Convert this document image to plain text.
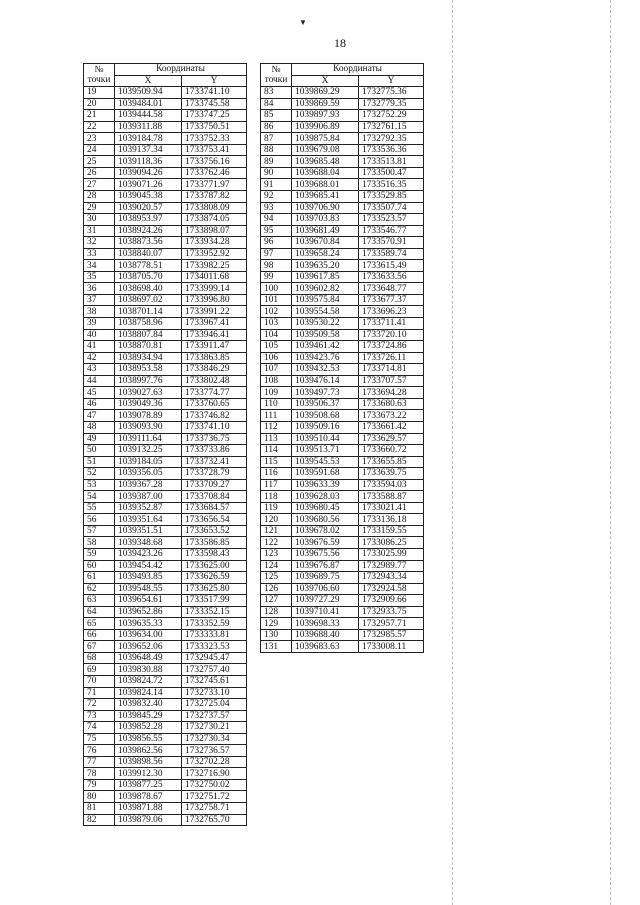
▼
18
№
точки	Координаты	
	X	Y
19	1039509.94	1733741.10
20	1039484.01	1733745.58
21	1039444.58	1733747.25
22	1039311.88	1733750.51
23	1039184.78	1733752.33
24	1039137.34	1733753.41
25	1039118.36	1733756.16
26	1039094.26	1733762.46
27	1039071.26	1733771.97
28	1039045.38	1733787.82
29	1039020.57	1733808.09
30	1038953.97	1733874.05
31	1038924.26	1733898.07
32	1038873.56	1733934.28
33	1038840.07	1733952.92
34	1038778.51	1733982.25
35	1038705.70	1734011.68
36	1038698.40	1733999.14
37	1038697.02	1733996.80
38	1038701.14	1733991.22
39	1038758.96	1733967.41
40	1038807.84	1733946.41
41	1038870.81	1733911.47
42	1038934.94	1733863.85
43	1038953.58	1733846.29
44	1038997.76	1733802.48
45	1039027.63	1733774.77
46	1039049.36	1733760.65
47	1039078.89	1733746.82
48	1039093.90	1733741.10
49	1039111.64	1733736.75
50	1039132.25	1733733.86
51	1039184.05	1733732.41
52	1039356.05	1733728.79
53	1039367.28	1733709.27
54	1039387.00	1733708.84
55	1039352.87	1733684.57
56	1039351.64	1733656.54
57	1039351.51	1733653.52
58	1039348.68	1733586.85
59	1039423.26	1733598.43
60	1039454.42	1733625.00
61	1039493.85	1733626.59
62	1039548.55	1733625.80
63	1039654.61	1733517.99
64	1039652.86	1733352.15
65	1039635.33	1733352.59
66	1039634.00	1733333.81
67	1039652.06	1733323.53
68	1039648.49	1732945.47
69	1039830.88	1732757.40
70	1039824.72	1732745.61
71	1039824.14	1732733.10
72	1039832.40	1732725.04
73	1039845.29	1732737.57
74	1039852.28	1732730.21
75	1039856.55	1732730.34
76	1039862.56	1732736.57
77	1039898.56	1732702.28
78	1039912.30	1732716.90
79	1039877.25	1732750.02
80	1039878.67	1732751.72
81	1039871.88	1732758.71
82	1039879.06	1732765.70
№
точки	Координаты	
	X	Y
83	1039869.29	1732775.36
84	1039869.59	1732779.35
85	1039897.93	1732752.29
86	1039906.89	1732761.15
87	1039875.84	1732792.35
88	1039679.08	1733536.36
89	1039685.48	1733513.81
90	1039688.04	1733500.47
91	1039688.01	1733516.35
92	1039685.41	1733529.85
93	1039706.90	1733507.74
94	1039703.83	1733523.57
95	1039681.49	1733546.77
96	1039670.84	1733570.91
97	1039658.24	1733589.74
98	1039635.20	1733615.49
99	1039617.85	1733633.56
100	1039602.82	1733648.77
101	1039575.84	1733677.37
102	1039554.58	1733696.23
103	1039530.22	1733711.41
104	1039509.58	1733720.10
105	1039461.42	1733724.86
106	1039423.76	1733726.11
107	1039432.53	1733714.81
108	1039476.14	1733707.57
109	1039497.73	1733694.28
110	1039506.37	1733680.63
111	1039508.68	1733673.22
112	1039509.16	1733661.42
113	1039510.44	1733629.57
114	1039513.71	1733660.72
115	1039545.53	1733655.85
116	1039591.68	1733639.75
117	1039633.39	1733594.03
118	1039628.03	1733588.87
119	1039680.45	1733021.41
120	1039680.56	1733136.18
121	1039678.02	1733159.55
122	1039676.59	1733086.25
123	1039675.56	1733025.99
124	1039676.87	1732989.77
125	1039689.75	1732943.34
126	1039706.60	1732924.58
127	1039727.29	1732909.66
128	1039710.41	1732933.75
129	1039698.33	1732957.71
130	1039688.40	1732985.57
131	1039683.63	1733008.11
